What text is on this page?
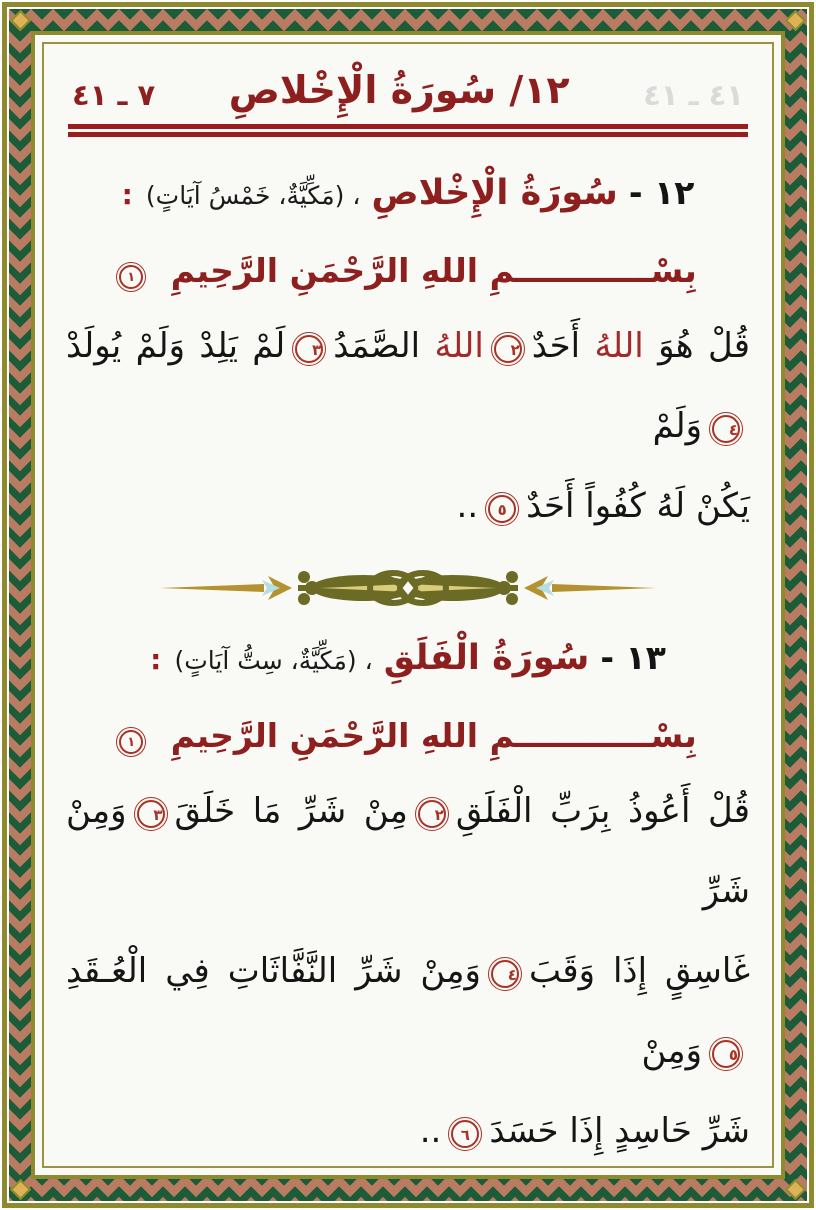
٤١ ـ ٤١
١٢/ سُورَةُ الْإِخْلاصِ
٧ ـ ٤١
١٢ - سُورَةُ الْإِخْلاصِ ، (مَكِّيَّةٌ، خَمْسُ آيَاتٍ) :
بِسْــــــــــــمِ اللهِ الرَّحْمَنِ الرَّحِيمِ ١
قُلْ هُوَ اللهُ أَحَدٌ٢اللهُ الصَّمَدُ٣لَمْ يَلِدْ وَلَمْ يُولَدْ٤وَلَمْ
يَكُنْ لَهُ كُفُواً أَحَدٌ٥..
١٣ - سُورَةُ الْفَلَقِ ، (مَكِّيَّةٌ، سِتُّ آيَاتٍ) :
بِسْــــــــــــمِ اللهِ الرَّحْمَنِ الرَّحِيمِ ١
قُلْ أَعُوذُ بِرَبِّ الْفَلَقِ٢مِنْ شَرِّ مَا خَلَقَ٣وَمِنْ شَرِّ
غَاسِقٍ إِذَا وَقَبَ٤وَمِنْ شَرِّ النَّفَّاثَاتِ فِي الْعُـقَدِ٥وَمِنْ
شَرِّ حَاسِدٍ إِذَا حَسَدَ٦..
